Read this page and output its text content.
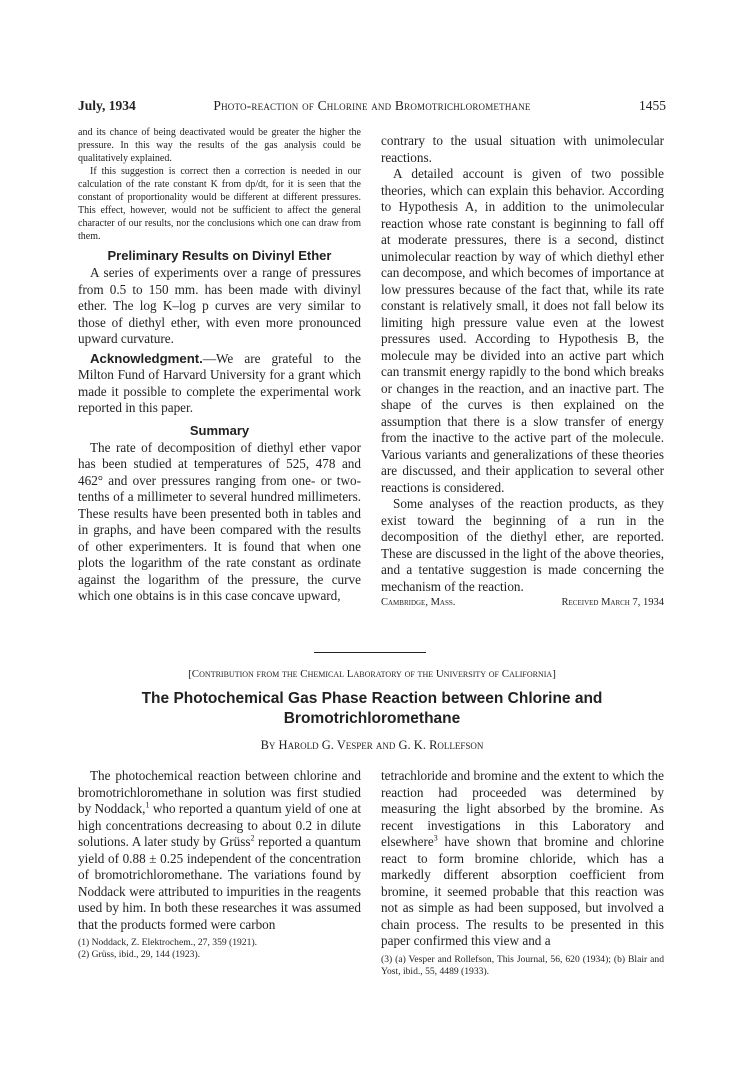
July, 1934	Photo-reaction of Chlorine and Bromotrichloromethane	1455

and its chance of being deactivated would be greater the higher the pressure. In this way the results of the gas analysis could be qualitatively explained.

If this suggestion is correct then a correction is needed in our calculation of the rate constant K from dp/dt, for it is seen that the constant of proportionality would be different at different pressures. This effect, however, would not be sufficient to affect the general character of our results, nor the conclusions which one can draw from them.

Preliminary Results on Divinyl Ether

A series of experiments over a range of pressures from 0.5 to 150 mm. has been made with divinyl ether. The log K–log p curves are very similar to those of diethyl ether, with even more pronounced upward curvature.

Acknowledgment.—We are grateful to the Milton Fund of Harvard University for a grant which made it possible to complete the experimental work reported in this paper.

Summary

The rate of decomposition of diethyl ether vapor has been studied at temperatures of 525, 478 and 462° and over pressures ranging from one- or two-tenths of a millimeter to several hundred millimeters. These results have been presented both in tables and in graphs, and have been compared with the results of other experimenters. It is found that when one plots the logarithm of the rate constant as ordinate against the logarithm of the pressure, the curve which one obtains is in this case concave upward,

contrary to the usual situation with unimolecular reactions.

A detailed account is given of two possible theories, which can explain this behavior. According to Hypothesis A, in addition to the unimolecular reaction whose rate constant is beginning to fall off at moderate pressures, there is a second, distinct unimolecular reaction by way of which diethyl ether can decompose, and which becomes of importance at low pressures because of the fact that, while its rate constant is relatively small, it does not fall below its limiting high pressure value even at the lowest pressures used. According to Hypothesis B, the molecule may be divided into an active part which can transmit energy rapidly to the bond which breaks or changes in the reaction, and an inactive part. The shape of the curves is then explained on the assumption that there is a slow transfer of energy from the inactive to the active part of the molecule. Various variants and generalizations of these theories are discussed, and their application to several other reactions is considered.

Some analyses of the reaction products, as they exist toward the beginning of a run in the decomposition of the diethyl ether, are reported. These are discussed in the light of the above theories, and a tentative suggestion is made concerning the mechanism of the reaction.

Cambridge, Mass.	Received March 7, 1934
[Contribution from the Chemical Laboratory of the University of California]
The Photochemical Gas Phase Reaction between Chlorine and Bromotrichloromethane
By Harold G. Vesper and G. K. Rollefson

The photochemical reaction between chlorine and bromotrichloromethane in solution was first studied by Noddack,$^1$ who reported a quantum yield of one at high concentrations decreasing to about 0.2 in dilute solutions. A later study by Grüss$^2$ reported a quantum yield of 0.88 ± 0.25 independent of the concentration of bromotrichloromethane. The variations found by Noddack were attributed to impurities in the reagents used by him. In both these researches it was assumed that the products formed were carbon

(1) Noddack, Z. Elektrochem., 27, 359 (1921).

(2) Grüss, ibid., 29, 144 (1923).

tetrachloride and bromine and the extent to which the reaction had proceeded was determined by measuring the light absorbed by the bromine. As recent investigations in this Laboratory and elsewhere$^3$ have shown that bromine and chlorine react to form bromine chloride, which has a markedly different absorption coefficient from bromine, it seemed probable that this reaction was not as simple as had been supposed, but involved a chain process. The results to be presented in this paper confirmed this view and a

(3) (a) Vesper and Rollefson, This Journal, 56, 620 (1934); (b) Blair and Yost, ibid., 55, 4489 (1933).
